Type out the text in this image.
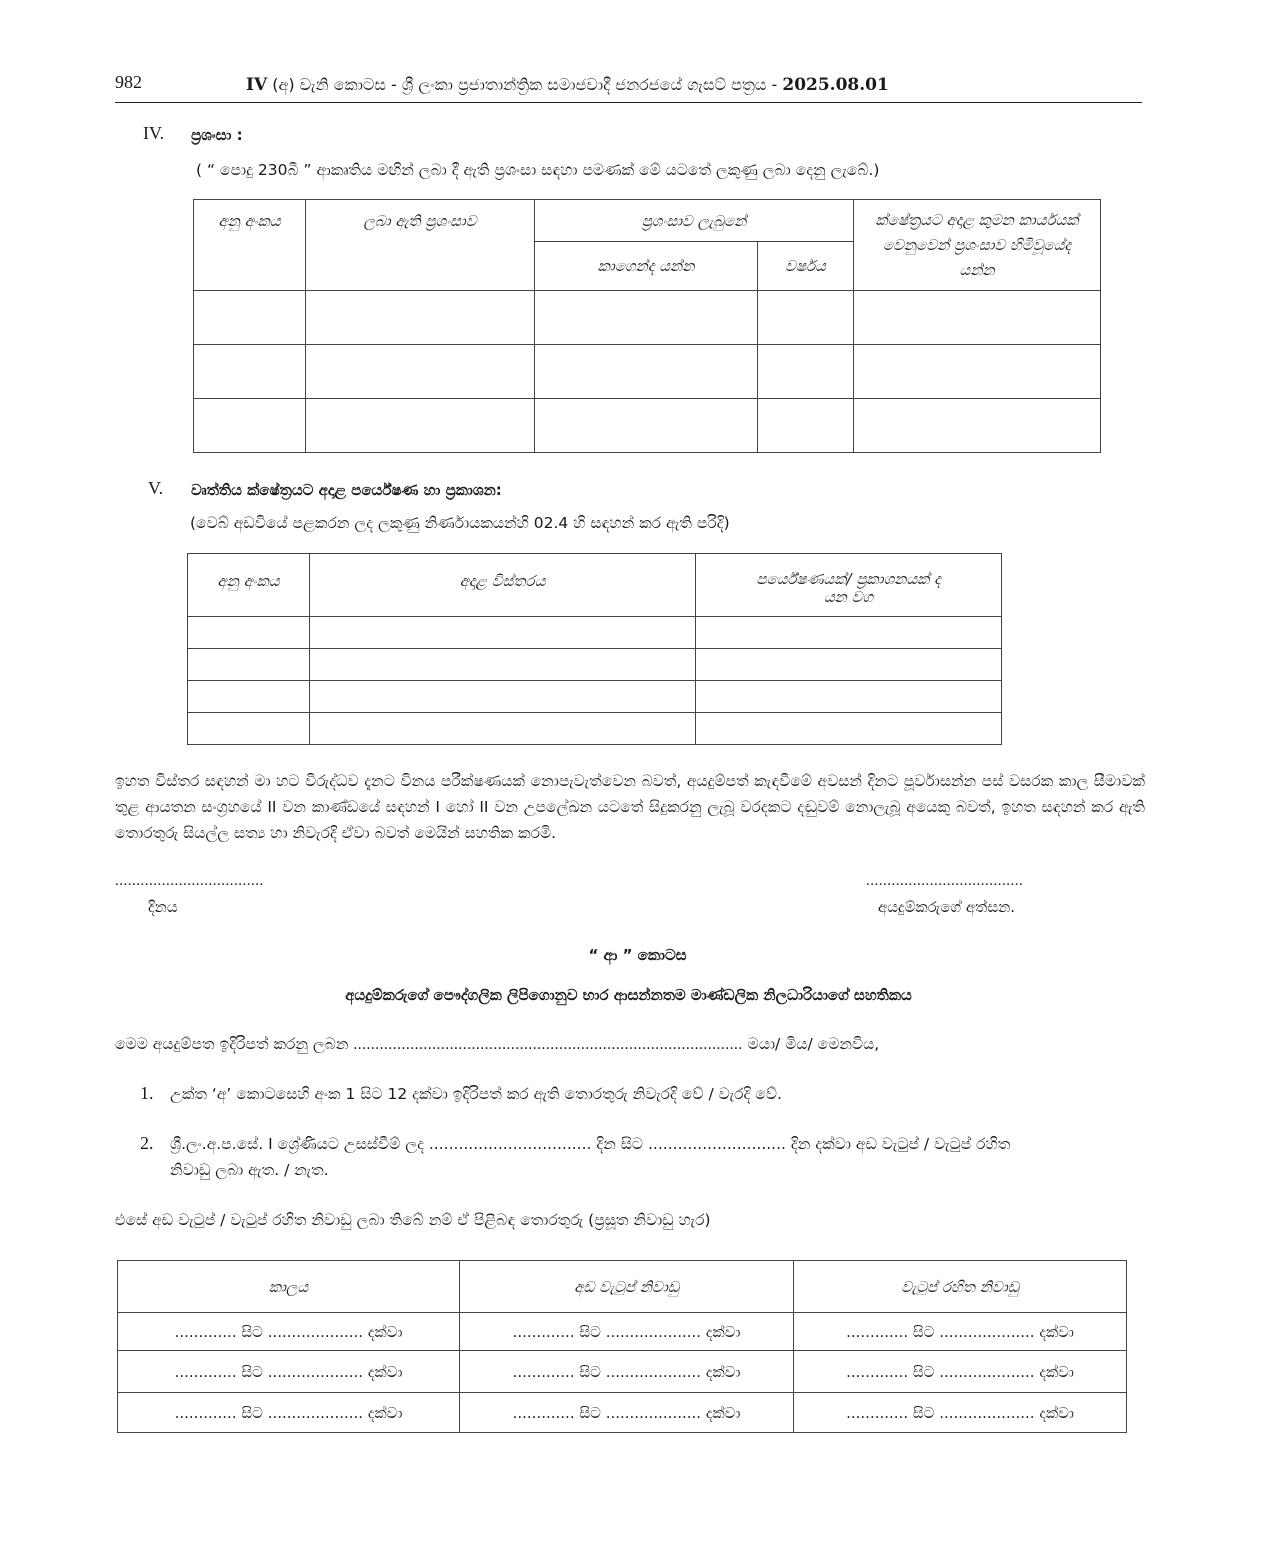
982	IV (අ) වැනි කොටස - ශ්‍රී ලංකා ප්‍රජාතාන්ත්‍රික සමාජවාදී ජනරජයේ ගැසට් පත්‍රය - 2025.08.01
IV. ප්‍රශංසා :
( “ පොදු 230බී ” ආකෘතිය මඟින් ලබා දී ඇති ප්‍රශංසා සඳහා පමණක් මේ යටතේ ලකුණු ලබා දෙනු ලැබේ.)
අනු අංකය	ලබා ඇති ප්‍රශංසාව	ප්‍රශංසාව ලැබුනේ		ක්ෂේත්‍රයට අදාළ කුමන කාර්යයක් වෙනුවෙන් ප්‍රශංසාව හිමිවූයේද යන්න
		කාගෙන්ද යන්න	වර්ෂය	

V. වෘත්තිය ක්ෂේත්‍රයට අදාළ පර්යේෂණ හා ප්‍රකාශන:
(වෙබ් අඩවියේ පළකරන ලද ලකුණු නිර්ණායකයන්හි 02.4 හි සඳහන් කර ඇති පරිදි)
අනු අංකය	අදාළ විස්තරය	පර්යේෂණයක්/ ප්‍රකාශනයක් ද
යන වග

ඉහත විස්තර සඳහන් මා හට විරුද්ධව දැනට විනය පරීක්ෂණයක් නොපැවැත්වෙන බවත්, අයදුම්පත් කැඳවීමේ අවසන් දිනට පූර්වාසන්න පස් වසරක කාල සීමාවක් තුළ ආයතන සංග්‍රහයේ II වන කාණ්ඩයේ සඳහන් I හෝ II වන උපලේඛන යටතේ සිදුකරනු ලැබූ වරදකට දඬුවම් නොලැබූ අයෙකු බවත්, ඉහත සඳහන් කර ඇති තොරතුරු සියල්ල සත්‍ය හා නිවැරදි ඒවා බවත් මෙයින් සහතික කරමි.
...................................
දිනය
.....................................
අයදුම්කරුගේ අත්සන.
“ ආ ” කොටස
අයදුම්කරුගේ පෞද්ගලික ලිපිගොනුව භාර ආසන්නතම මාණ්ඩලික නිලධාරියාගේ සහතිකය
මෙම අයදුම්පත ඉදිරිපත් කරනු ලබන ......................................................................................... මයා/ මිය/ මෙනවිය,
1. උක්ත ‘අ’ කොටසෙහි අංක 1 සිට 12 දක්වා ඉදිරිපත් කර ඇති තොරතුරු නිවැරදි වේ / වැරදි වේ.
2. ශ්‍රී.ලං.අ.ප.සේ. I ශ්‍රේණියට උසස්වීම් ලද ................................. දින සිට ............................ දින දක්වා අඩ වැටුප් / වැටුප් රහිත
නිවාඩු ලබා ඇත. / නැත.
එසේ අඩ වැටුප් / වැටුප් රහිත නිවාඩු ලබා තිබේ නම් ඒ පිළිබඳ තොරතුරු (ප්‍රසූත නිවාඩු හැර)
කාලය	අඩ වැටුප් නිවාඩු	වැටුප් රහිත නිවාඩු
............. සිට .................... දක්වා	............. සිට .................... දක්වා	............. සිට .................... දක්වා
............. සිට .................... දක්වා	............. සිට .................... දක්වා	............. සිට .................... දක්වා
............. සිට .................... දක්වා	............. සිට .................... දක්වා	............. සිට .................... දක්වා
